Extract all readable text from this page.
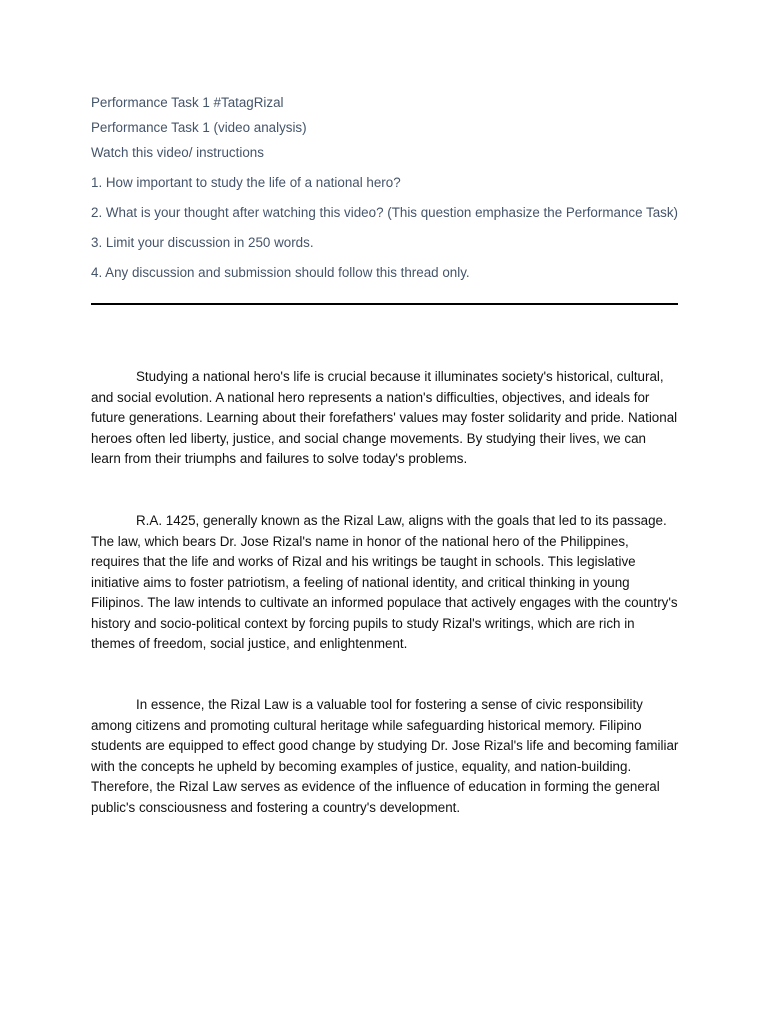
Performance Task 1 #TatagRizal
Performance Task 1 (video analysis)
Watch this video/ instructions
1. How important to study the life of a national hero?
2. What is your thought after watching this video? (This question emphasize the Performance Task)
3. Limit your discussion in 250 words.
4. Any discussion and submission should follow this thread only.

Studying a national hero's life is crucial because it illuminates society's historical, cultural, and social evolution. A national hero represents a nation's difficulties, objectives, and ideals for future generations. Learning about their forefathers' values may foster solidarity and pride. National heroes often led liberty, justice, and social change movements. By studying their lives, we can learn from their triumphs and failures to solve today's problems.

R.A. 1425, generally known as the Rizal Law, aligns with the goals that led to its passage. The law, which bears Dr. Jose Rizal's name in honor of the national hero of the Philippines, requires that the life and works of Rizal and his writings be taught in schools. This legislative initiative aims to foster patriotism, a feeling of national identity, and critical thinking in young Filipinos. The law intends to cultivate an informed populace that actively engages with the country's history and socio-political context by forcing pupils to study Rizal's writings, which are rich in themes of freedom, social justice, and enlightenment.

In essence, the Rizal Law is a valuable tool for fostering a sense of civic responsibility among citizens and promoting cultural heritage while safeguarding historical memory. Filipino students are equipped to effect good change by studying Dr. Jose Rizal's life and becoming familiar with the concepts he upheld by becoming examples of justice, equality, and nation-building. Therefore, the Rizal Law serves as evidence of the influence of education in forming the general public's consciousness and fostering a country's development.
